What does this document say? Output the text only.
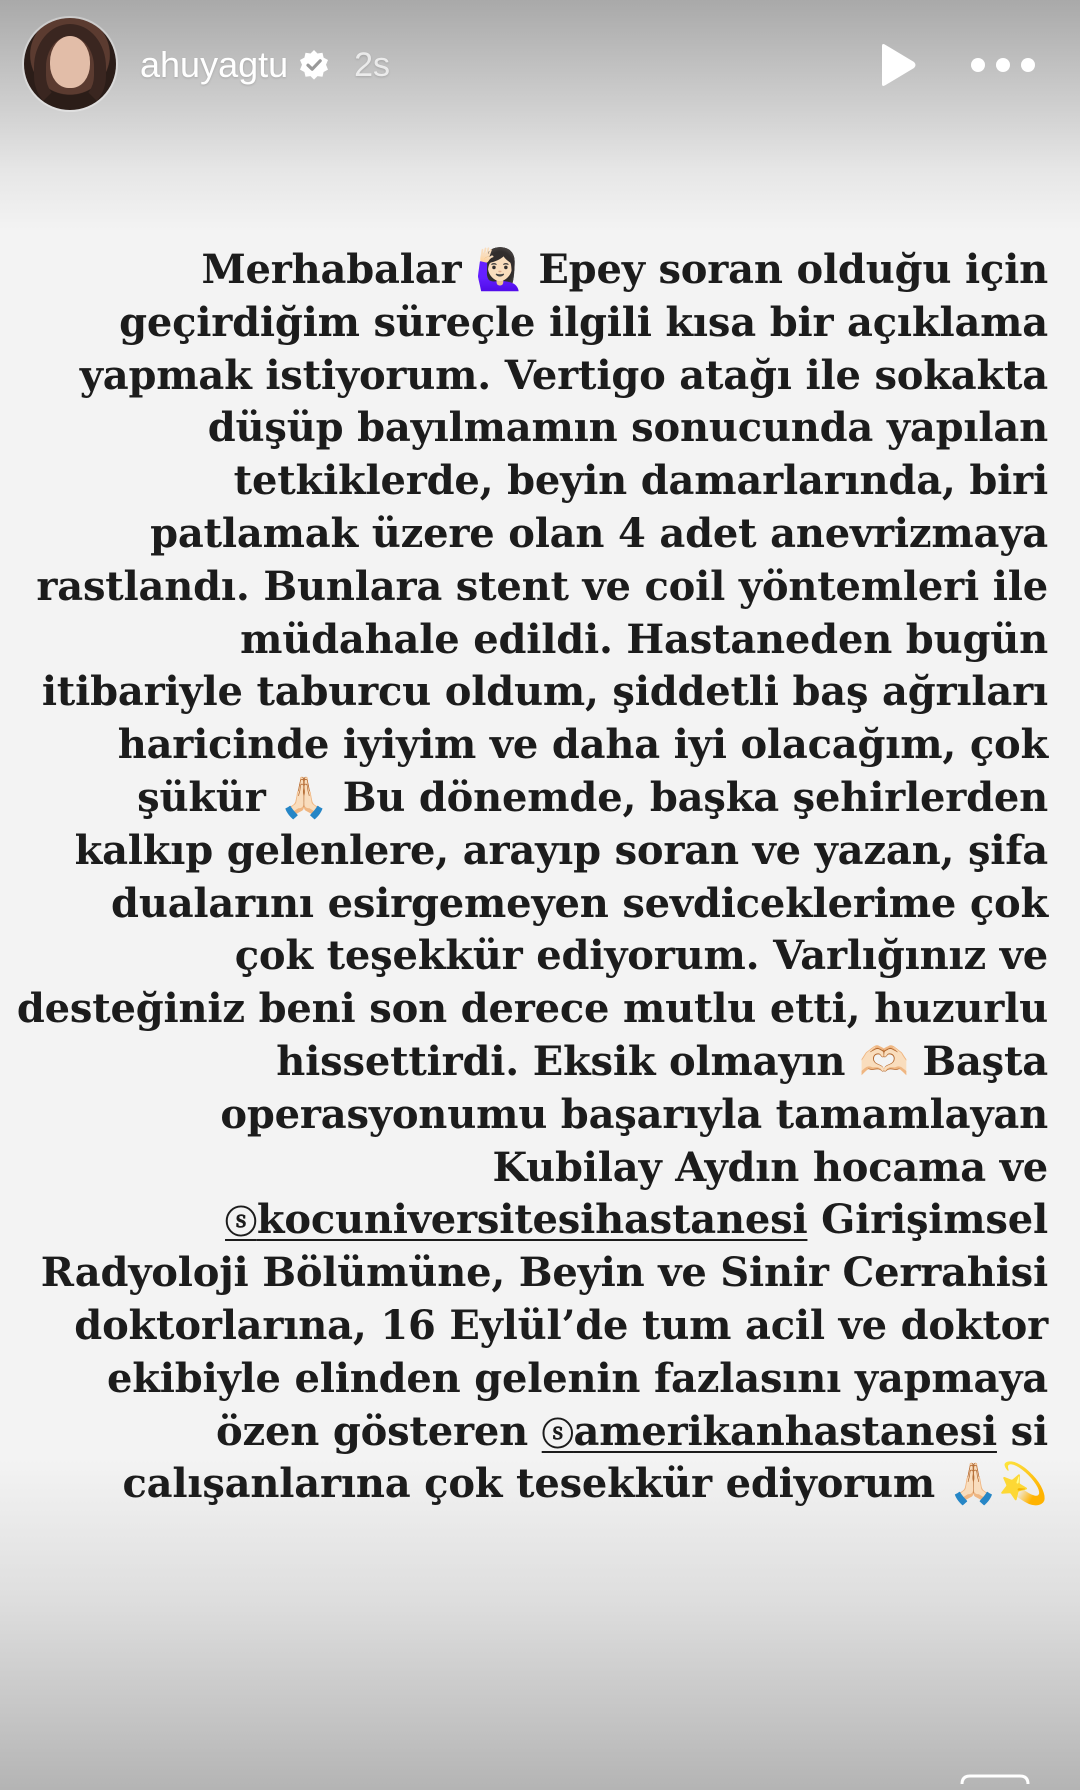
ahuyagtu 2s
Merhabalar 🙋🏻‍♀️ Epey soran olduğu için
geçirdiğim süreçle ilgili kısa bir açıklama
yapmak istiyorum. Vertigo atağı ile sokakta
düşüp bayılmamın sonucunda yapılan
tetkiklerde, beyin damarlarında, biri
patlamak üzere olan 4 adet anevrizmaya
rastlandı. Bunlara stent ve coil yöntemleri ile
müdahale edildi. Hastaneden bugün
itibariyle taburcu oldum, şiddetli baş ağrıları
haricinde iyiyim ve daha iyi olacağım, çok
şükür 🙏🏻 Bu dönemde, başka şehirlerden
kalkıp gelenlere, arayıp soran ve yazan, şifa
dualarını esirgemeyen sevdiceklerime çok
çok teşekkür ediyorum. Varlığınız ve
desteğiniz beni son derece mutlu etti, huzurlu
hissettirdi. Eksik olmayın 🫶🏻 Başta
operasyonumu başarıyla tamamlayan
Kubilay Aydın hocama ve
ⓢkocuniversitesihastanesi Girişimsel
Radyoloji Bölümüne, Beyin ve Sinir Cerrahisi
doktorlarına, 16 Eylül’de tum acil ve doktor
ekibiyle elinden gelenin fazlasını yapmaya
özen gösteren ⓢamerikanhastanesi si
calışanlarına çok tesekkür ediyorum 🙏🏻💫
